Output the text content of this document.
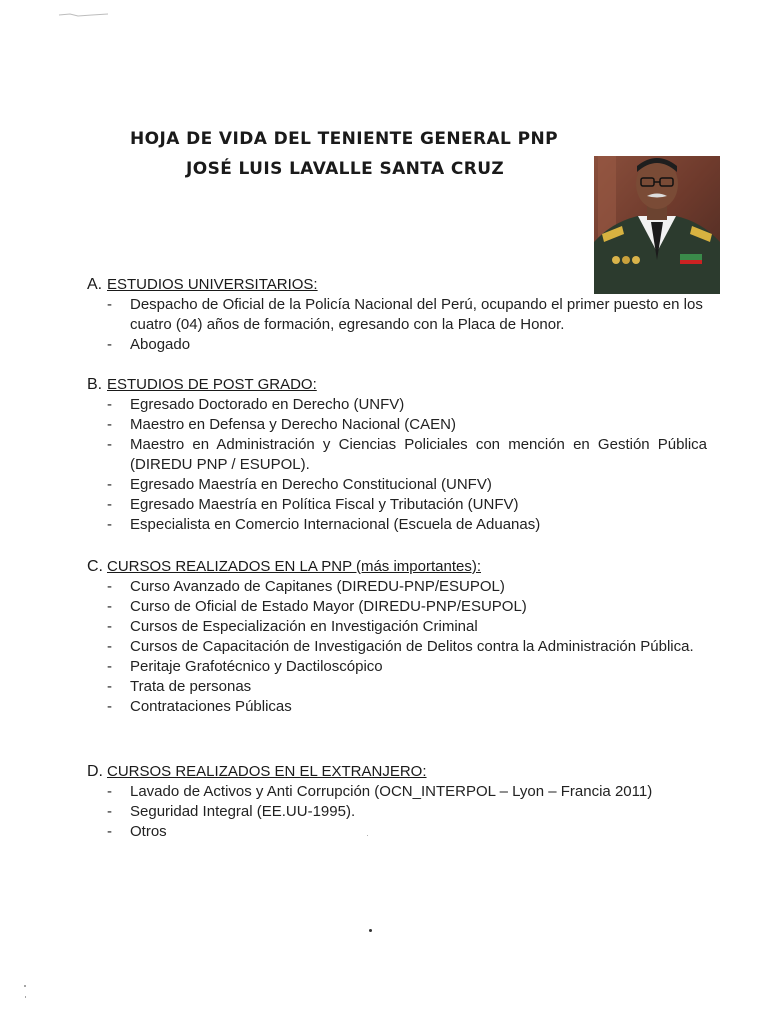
HOJA DE VIDA DEL TENIENTE GENERAL PNP
JOSÉ LUIS LAVALLE SANTA CRUZ
A. ESTUDIOS UNIVERSITARIOS:
- Despacho de Oficial de la Policía Nacional del Perú, ocupando el primer puesto en los cuatro (04) años de formación, egresando con la Placa de Honor.
- Abogado
B. ESTUDIOS DE POST GRADO:
- Egresado Doctorado en Derecho (UNFV)
- Maestro en Defensa y Derecho Nacional (CAEN)
- Maestro en Administración y Ciencias Policiales con mención en Gestión Pública (DIREDU PNP / ESUPOL).
- Egresado Maestría en Derecho Constitucional (UNFV)
- Egresado Maestría en Política Fiscal y Tributación (UNFV)
- Especialista en Comercio Internacional (Escuela de Aduanas)
C. CURSOS REALIZADOS EN LA PNP (más importantes):
- Curso Avanzado de Capitanes (DIREDU-PNP/ESUPOL)
- Curso de Oficial de Estado Mayor (DIREDU-PNP/ESUPOL)
- Cursos de Especialización en Investigación Criminal
- Cursos de Capacitación de Investigación de Delitos contra la Administración Pública.
- Peritaje Grafotécnico y Dactiloscópico
- Trata de personas
- Contrataciones Públicas
D. CURSOS REALIZADOS EN EL EXTRANJERO:
- Lavado de Activos y Anti Corrupción (OCN_INTERPOL – Lyon – Francia 2011)
- Seguridad Integral (EE.UU-1995).
- Otros
